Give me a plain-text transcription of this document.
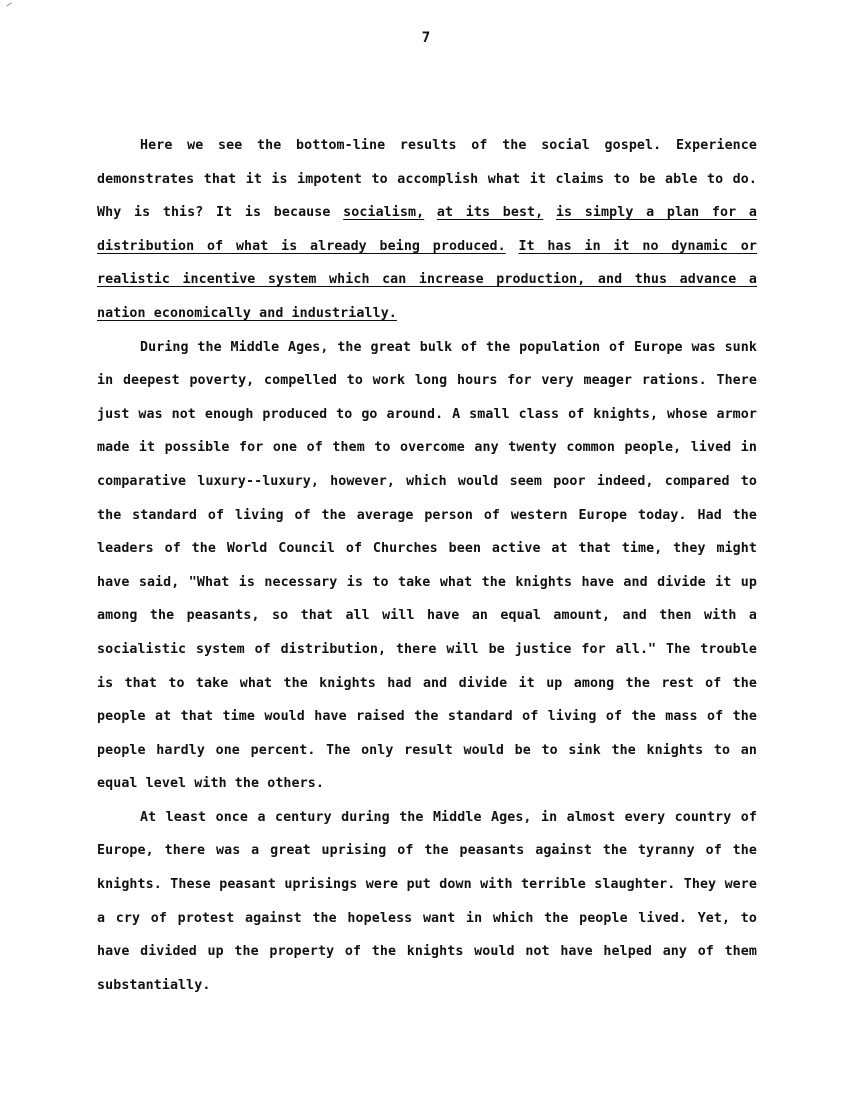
7

Here we see the bottom-line results of the social gospel. Experience demonstrates that it is impotent to accomplish what it claims to be able to do. Why is this? It is because socialism, at its best, is simply a plan for a distribution of what is already being produced. It has in it no dynamic or realistic incentive system which can increase production, and thus advance a nation economically and industrially.

During the Middle Ages, the great bulk of the population of Europe was sunk in deepest poverty, compelled to work long hours for very meager rations. There just was not enough produced to go around. A small class of knights, whose armor made it possible for one of them to overcome any twenty common people, lived in comparative luxury--luxury, however, which would seem poor indeed, compared to the standard of living of the average person of western Europe today. Had the leaders of the World Council of Churches been active at that time, they might have said, "What is necessary is to take what the knights have and divide it up among the peasants, so that all will have an equal amount, and then with a socialistic system of distribution, there will be justice for all." The trouble is that to take what the knights had and divide it up among the rest of the people at that time would have raised the standard of living of the mass of the people hardly one percent. The only result would be to sink the knights to an equal level with the others.

At least once a century during the Middle Ages, in almost every country of Europe, there was a great uprising of the peasants against the tyranny of the knights. These peasant uprisings were put down with terrible slaughter. They were a cry of protest against the hopeless want in which the people lived. Yet, to have divided up the property of the knights would not have helped any of them substantially.
